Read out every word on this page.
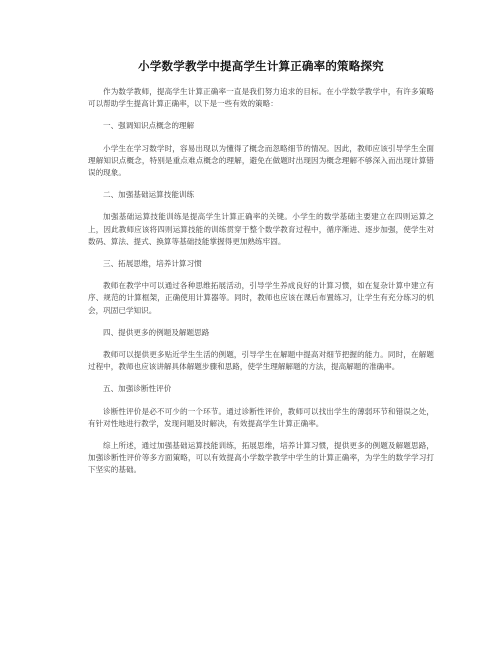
小学数学教学中提高学生计算正确率的策略探究

作为数学教师，提高学生计算正确率一直是我们努力追求的目标。在小学数学教学中，有许多策略可以帮助学生提高计算正确率，以下是一些有效的策略：

一、强调知识点概念的理解

小学生在学习数学时，容易出现以为懂得了概念而忽略细节的情况。因此，教师应该引导学生全面理解知识点概念，特别是重点难点概念的理解，避免在做题时出现因为概念理解不够深入而出现计算错误的现象。

二、加强基础运算技能训练

加强基础运算技能训练是提高学生计算正确率的关键。小学生的数学基础主要建立在四则运算之上，因此教师应该将四则运算技能的训练贯穿于整个数学教育过程中，循序渐进、逐步加强，使学生对数码、算法、提式、换算等基础技能掌握得更加熟练牢固。

三、拓展思维，培养计算习惯

教师在教学中可以通过各种思维拓展活动，引导学生养成良好的计算习惯，如在复杂计算中建立有序、规范的计算框架，正确使用计算器等。同时，教师也应该在课后布置练习，让学生有充分练习的机会，巩固已学知识。

四、提供更多的例题及解题思路

教师可以提供更多贴近学生生活的例题，引导学生在解题中提高对细节把握的能力。同时，在解题过程中，教师也应该讲解具体解题步骤和思路，使学生理解解题的方法，提高解题的准确率。

五、加强诊断性评价

诊断性评价是必不可少的一个环节。通过诊断性评价，教师可以找出学生的薄弱环节和错误之处，有针对性地进行教学，发现问题及时解决，有效提高学生计算正确率。

综上所述，通过加强基础运算技能训练，拓展思维，培养计算习惯，提供更多的例题及解题思路，加强诊断性评价等多方面策略，可以有效提高小学数学教学中学生的计算正确率，为学生的数学学习打下坚实的基础。
